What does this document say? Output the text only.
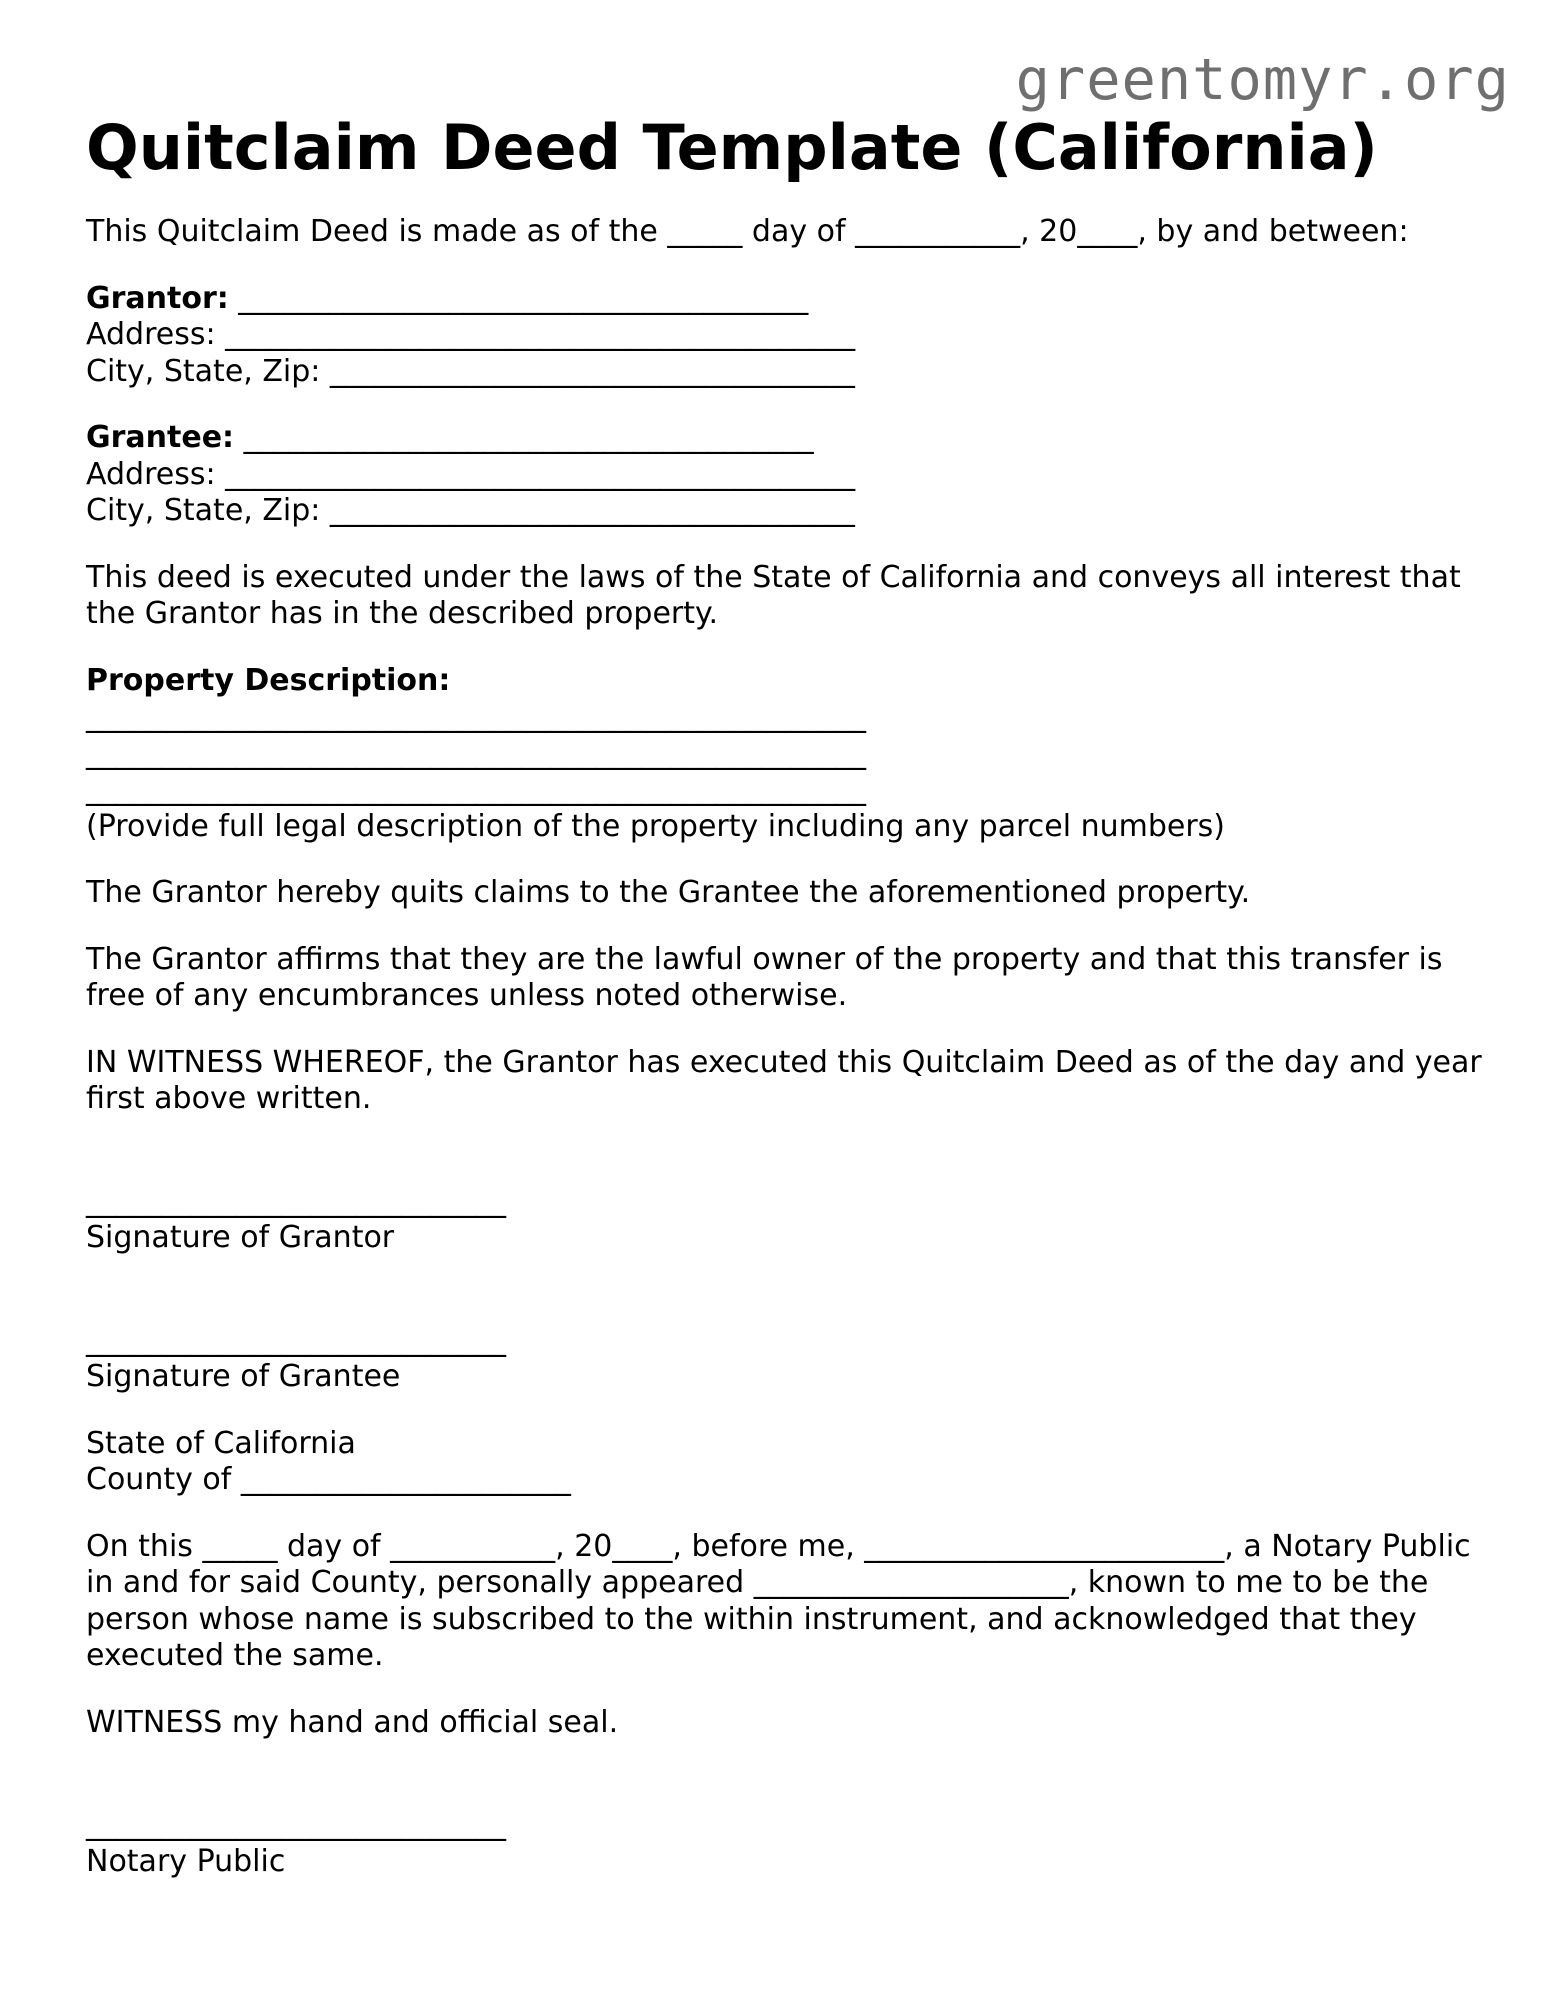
greentomyr.org
Quitclaim Deed Template (California)

This Quitclaim Deed is made as of the _____ day of ___________, 20____, by and between:

Grantor: ______________________________________
Address: __________________________________________
City, State, Zip: ___________________________________
Grantee: ______________________________________
Address: __________________________________________
City, State, Zip: ___________________________________

This deed is executed under the laws of the State of California and conveys all interest that the Grantor has in the described property.

Property Description:
____________________________________________________
____________________________________________________
____________________________________________________
(Provide full legal description of the property including any parcel numbers)

The Grantor hereby quits claims to the Grantee the aforementioned property.

The Grantor affirms that they are the lawful owner of the property and that this transfer is free of any encumbrances unless noted otherwise.

IN WITNESS WHEREOF, the Grantor has executed this Quitclaim Deed as of the day and year first above written.

____________________________
Signature of Grantor
____________________________
Signature of Grantee
State of California
County of ______________________

On this _____ day of ___________, 20____, before me, ________________________, a Notary Public in and for said County, personally appeared _____________________, known to me to be the person whose name is subscribed to the within instrument, and acknowledged that they executed the same.

WITNESS my hand and official seal.

____________________________
Notary Public
